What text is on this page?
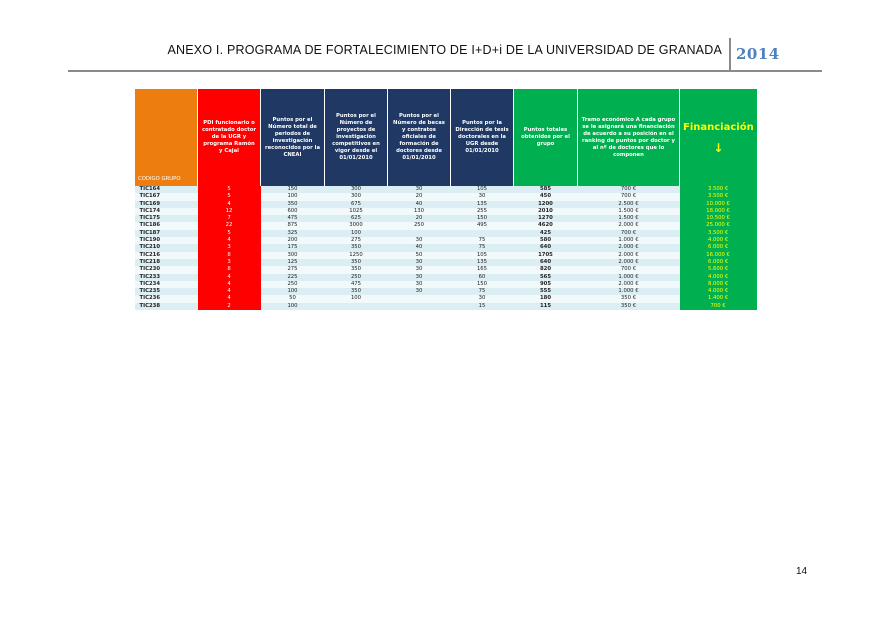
ANEXO I. PROGRAMA DE FORTALECIMIENTO DE I+D+i DE LA UNIVERSIDAD DE GRANADA 2014
CODIGO GRUPO	PDI funcionario o contratado doctor de la UGR y programa Ramón y Cajal	Puntos por el Número total de periodos de investigación reconocidos por la CNEAI	Puntos por el Número de proyectos de investigación competitivos en vigor desde el 01/01/2010	Puntos por el Número de becas y contratos oficiales de formación de doctores desde 01/01/2010	Puntos por la Dirección de tesis doctorales en la UGR desde 01/01/2010	Puntos totales obtenidos por el grupo	Tramo económico A cada grupo se le asignará una financiación de acuerdo a su posición en el ranking de puntos por doctor y al nº de doctores que lo componen	Financiación
↓

TIC164	5	150	300	30	105	585	700 €	3.500 €
TIC167	5	100	300	20	30	450	700 €	3.500 €
TIC169	4	350	675	40	135	1200	2.500 €	10.000 €
TIC174	12	600	1025	130	255	2010	1.500 €	18.000 €
TIC175	7	475	625	20	150	1270	1.500 €	10.500 €
TIC186	22	875	3000	250	495	4620	2.000 €	25.000 €
TIC187	5	325	100			425	700 €	3.500 €
TIC190	4	200	275	30	75	580	1.000 €	4.000 €
TIC210	3	175	350	40	75	640	2.000 €	6.000 €
TIC216	8	300	1250	50	105	1705	2.000 €	16.000 €
TIC218	3	125	350	30	135	640	2.000 €	6.000 €
TIC230	8	275	350	30	165	820	700 €	5.600 €
TIC233	4	225	250	30	60	565	1.000 €	4.000 €
TIC234	4	250	475	30	150	905	2.000 €	8.000 €
TIC235	4	100	350	30	75	555	1.000 €	4.000 €
TIC236	4	50	100		30	180	350 €	1.400 €
TIC238	2	100			15	115	350 €	700 €
14
